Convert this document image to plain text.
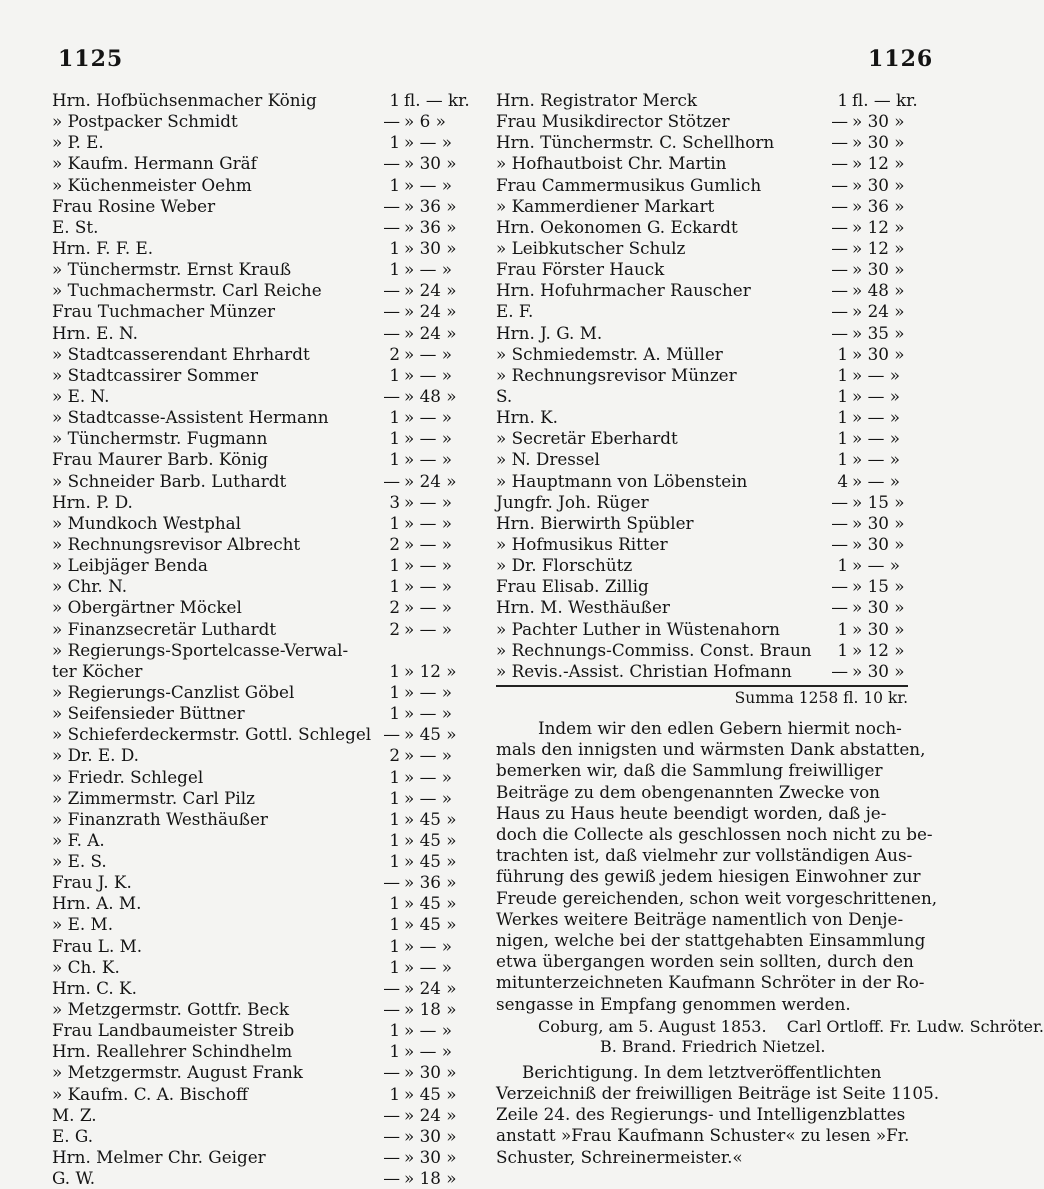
1125	1126
Hrn. Hofbüchsenmacher König	1 fl. — kr.
» Postpacker Schmidt	— » 6 »
» P. E.	1 » — »
» Kaufm. Hermann Gräf	— » 30 »
» Küchenmeister Oehm	1 » — »
Frau Rosine Weber	— » 36 »
E. St.	— » 36 »
Hrn. F. F. E.	1 » 30 »
» Tünchermstr. Ernst Krauß	1 » — »
» Tuchmachermstr. Carl Reiche	— » 24 »
Frau Tuchmacher Münzer	— » 24 »
Hrn. E. N.	— » 24 »
» Stadtcasserendant Ehrhardt	2 » — »
» Stadtcassirer Sommer	1 » — »
» E. N.	— » 48 »
» Stadtcasse-Assistent Hermann	1 » — »
» Tünchermstr. Fugmann	1 » — »
Frau Maurer Barb. König	1 » — »
» Schneider Barb. Luthardt	— » 24 »
Hrn. P. D.	3 » — »
» Mundkoch Westphal	1 » — »
» Rechnungsrevisor Albrecht	2 » — »
» Leibjäger Benda	1 » — »
» Chr. N.	1 » — »
» Obergärtner Möckel	2 » — »
» Finanzsecretär Luthardt	2 » — »
» Regierungs-Sportelcasse-Verwal-
ter Köcher	1 » 12 »
» Regierungs-Canzlist Göbel	1 » — »
» Seifensieder Büttner	1 » — »
» Schieferdeckermstr. Gottl. Schlegel — » 45 »
» Dr. E. D.	2 » — »
» Friedr. Schlegel	1 » — »
» Zimmermstr. Carl Pilz	1 » — »
» Finanzrath Westhäußer	1 » 45 »
» F. A.	1 » 45 »
» E. S.	1 » 45 »
Frau J. K.	— » 36 »
Hrn. A. M.	1 » 45 »
» E. M.	1 » 45 »
Frau L. M.	1 » — »
» Ch. K.	1 » — »
Hrn. C. K.	— » 24 »
» Metzgermstr. Gottfr. Beck	— » 18 »
Frau Landbaumeister Streib	1 » — »
Hrn. Reallehrer Schindhelm	1 » — »
» Metzgermstr. August Frank	— » 30 »
» Kaufm. C. A. Bischoff	1 » 45 »
M. Z.	— » 24 »
E. G.	— » 30 »
Hrn. Melmer Chr. Geiger	— » 30 »
G. W.	— » 18 »
Hrn. Registrator Merck	1 fl. — kr.
Frau Musikdirector Stötzer	— » 30 »
Hrn. Tünchermstr. C. Schellhorn	— » 30 »
» Hofhautboist Chr. Martin	— » 12 »
Frau Cammermusikus Gumlich	— » 30 »
» Kammerdiener Markart	— » 36 »
Hrn. Oekonomen G. Eckardt	— » 12 »
» Leibkutscher Schulz	— » 12 »
Frau Förster Hauck	— » 30 »
Hrn. Hofuhrmacher Rauscher	— » 48 »
E. F.	— » 24 »
Hrn. J. G. M.	— » 35 »
» Schmiedemstr. A. Müller	1 » 30 »
» Rechnungsrevisor Münzer	1 » — »
S.	1 » — »
Hrn. K.	1 » — »
» Secretär Eberhardt	1 » — »
» N. Dressel	1 » — »
» Hauptmann von Löbenstein	4 » — »
Jungfr. Joh. Rüger	— » 15 »
Hrn. Bierwirth Spübler	— » 30 »
» Hofmusikus Ritter	— » 30 »
» Dr. Florschütz	1 » — »
Frau Elisab. Zillig	— » 15 »
Hrn. M. Westhäußer	— » 30 »
» Pachter Luther in Wüstenahorn	1 » 30 »
» Rechnungs-Commiss. Const. Braun	1 » 12 »
» Revis.-Assist. Christian Hofmann	— » 30 »
Summa 1258 fl. 10 kr.

Indem wir den edlen Gebern hiermit noch-

mals den innigsten und wärmsten Dank abstatten,

bemerken wir, daß die Sammlung freiwilliger

Beiträge zu dem obengenannten Zwecke von

Haus zu Haus heute beendigt worden, daß je-

doch die Collecte als geschlossen noch nicht zu be-

trachten ist, daß vielmehr zur vollständigen Aus-

führung des gewiß jedem hiesigen Einwohner zur

Freude gereichenden, schon weit vorgeschrittenen,

Werkes weitere Beiträge namentlich von Denje-

nigen, welche bei der stattgehabten Einsammlung

etwa übergangen worden sein sollten, durch den

mitunterzeichneten Kaufmann Schröter in der Ro-

sengasse in Empfang genommen werden.

Coburg, am 5. August 1853. Carl Ortloff. Fr. Ludw. Schröter.
B. Brand. Friedrich Nietzel.

Berichtigung. In dem letztveröffentlichten

Verzeichniß der freiwilligen Beiträge ist Seite 1105.

Zeile 24. des Regierungs- und Intelligenzblattes

anstatt »Frau Kaufmann Schuster« zu lesen »Fr.

Schuster, Schreinermeister.«
